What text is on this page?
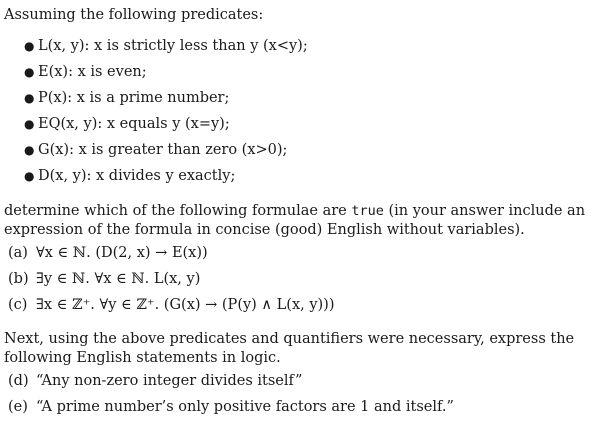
Assuming the following predicates:
● L(x, y): x is strictly less than y (x<y);
● E(x): x is even;
● P(x): x is a prime number;
● EQ(x, y): x equals y (x=y);
● G(x): x is greater than zero (x>0);
● D(x, y): x divides y exactly;
determine which of the following formulae are true (in your answer include an expression of the formula in concise (good) English without variables).
(a) ∀x ∈ ℕ. (D(2, x) → E(x))
(b) ∃y ∈ ℕ. ∀x ∈ ℕ. L(x, y)
(c) ∃x ∈ ℤ⁺. ∀y ∈ ℤ⁺. (G(x) → (P(y) ∧ L(x, y)))
Next, using the above predicates and quantifiers were necessary, express the following English statements in logic.
(d) “Any non-zero integer divides itself”
(e) “A prime number’s only positive factors are 1 and itself.”
